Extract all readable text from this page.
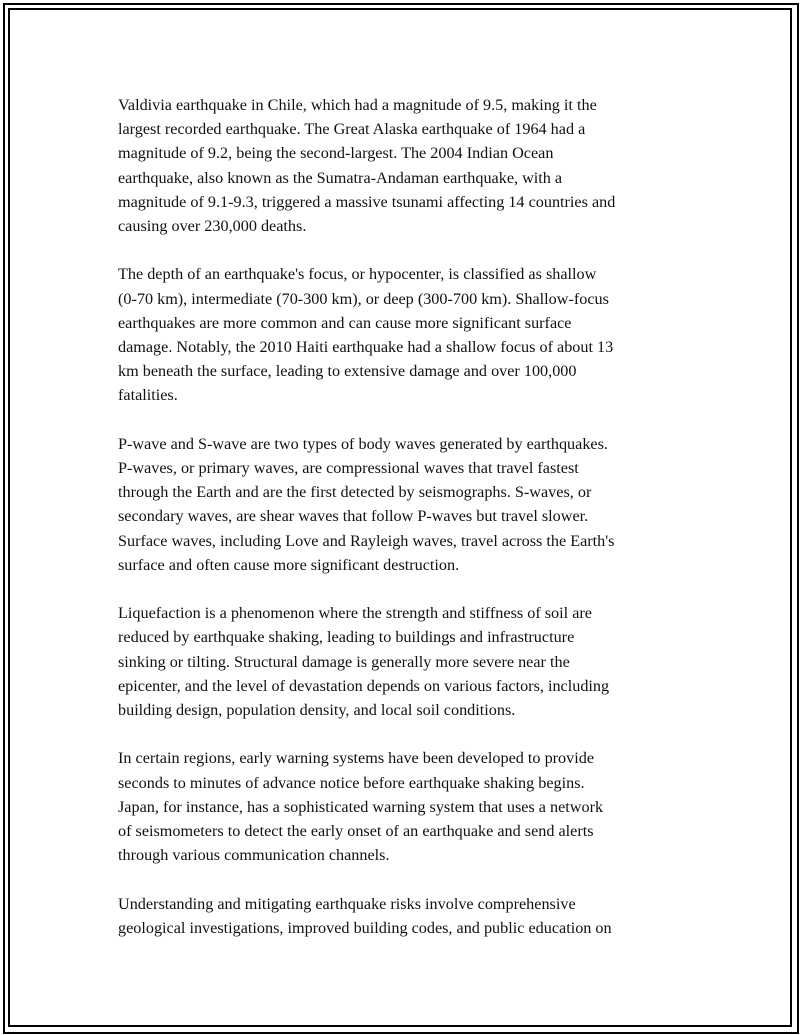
Valdivia earthquake in Chile, which had a magnitude of 9.5, making it the
largest recorded earthquake. The Great Alaska earthquake of 1964 had a
magnitude of 9.2, being the second-largest. The 2004 Indian Ocean
earthquake, also known as the Sumatra-Andaman earthquake, with a
magnitude of 9.1-9.3, triggered a massive tsunami affecting 14 countries and
causing over 230,000 deaths.

The depth of an earthquake's focus, or hypocenter, is classified as shallow
(0-70 km), intermediate (70-300 km), or deep (300-700 km). Shallow-focus
earthquakes are more common and can cause more significant surface
damage. Notably, the 2010 Haiti earthquake had a shallow focus of about 13
km beneath the surface, leading to extensive damage and over 100,000
fatalities.

P-wave and S-wave are two types of body waves generated by earthquakes.
P-waves, or primary waves, are compressional waves that travel fastest
through the Earth and are the first detected by seismographs. S-waves, or
secondary waves, are shear waves that follow P-waves but travel slower.
Surface waves, including Love and Rayleigh waves, travel across the Earth's
surface and often cause more significant destruction.

Liquefaction is a phenomenon where the strength and stiffness of soil are
reduced by earthquake shaking, leading to buildings and infrastructure
sinking or tilting. Structural damage is generally more severe near the
epicenter, and the level of devastation depends on various factors, including
building design, population density, and local soil conditions.

In certain regions, early warning systems have been developed to provide
seconds to minutes of advance notice before earthquake shaking begins.
Japan, for instance, has a sophisticated warning system that uses a network
of seismometers to detect the early onset of an earthquake and send alerts
through various communication channels.

Understanding and mitigating earthquake risks involve comprehensive
geological investigations, improved building codes, and public education on
